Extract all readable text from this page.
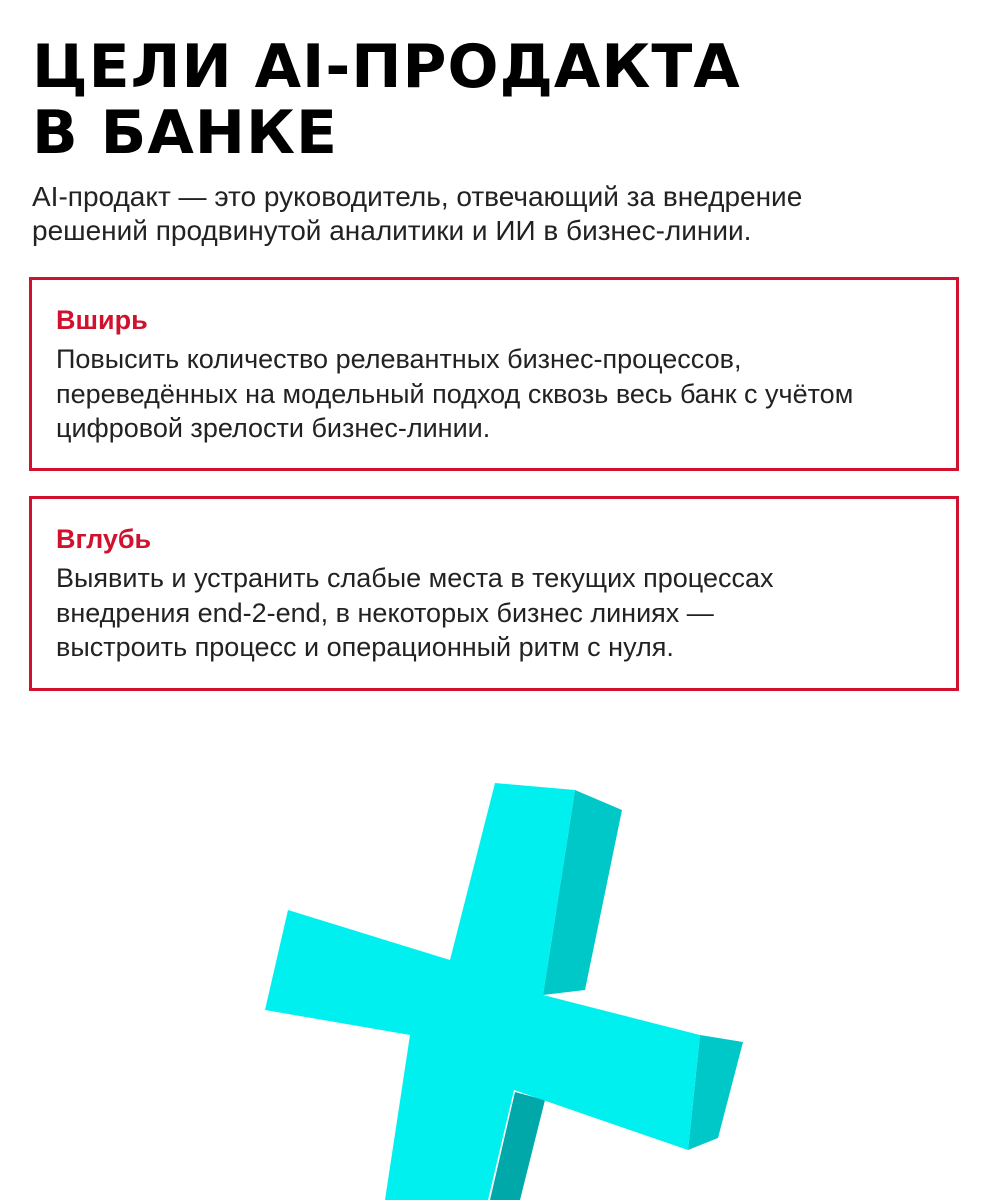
ЦЕЛИ AI-ПРОДАКТА
В БАНКЕ
AI-продакт — это руководитель, отвечающий за внедрение
решений продвинутой аналитики и ИИ в бизнес-линии.
Вширь
Повысить количество релевантных бизнес-процессов,
переведённых на модельный подход сквозь весь банк с учётом
цифровой зрелости бизнес-линии.
Вглубь
Выявить и устранить слабые места в текущих процессах
внедрения end-2-end, в некоторых бизнес линиях —
выстроить процесс и операционный ритм с нуля.
